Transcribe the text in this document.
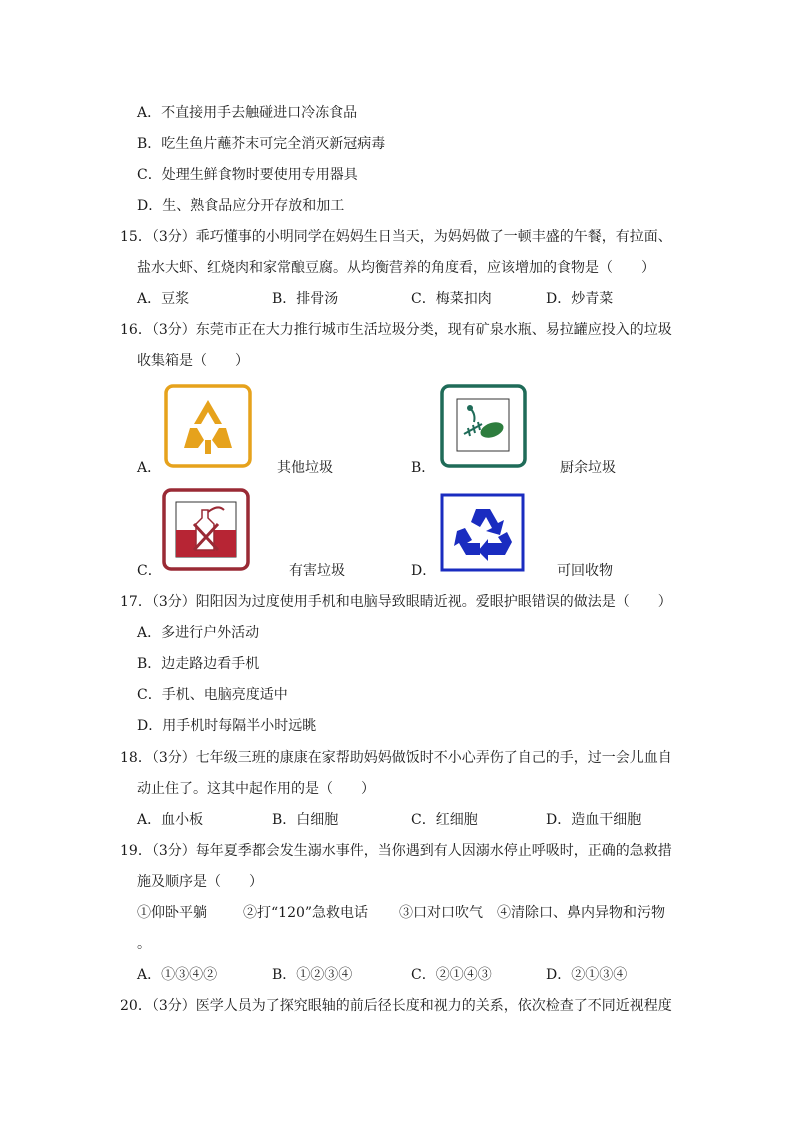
A．不直接用手去触碰进口冷冻食品
B．吃生鱼片蘸芥末可完全消灭新冠病毒
C．处理生鲜食物时要使用专用器具
D．生、熟食品应分开存放和加工
15．（3分）乖巧懂事的小明同学在妈妈生日当天，为妈妈做了一顿丰盛的午餐，有拉面、
盐水大虾、红烧肉和家常酿豆腐。从均衡营养的角度看，应该增加的食物是（　　）
A．豆浆	B．排骨汤	C．梅菜扣肉	D．炒青菜
16．（3分）东莞市正在大力推行城市生活垃圾分类，现有矿泉水瓶、易拉罐应投入的垃圾
收集箱是（　　）
A．	其他垃圾	B．	厨余垃圾
C．	有害垃圾	D．	可回收物
17．（3分）阳阳因为过度使用手机和电脑导致眼睛近视。爱眼护眼错误的做法是（　　）
A．多进行户外活动
B．边走路边看手机
C．手机、电脑亮度适中
D．用手机时每隔半小时远眺
18．（3分）七年级三班的康康在家帮助妈妈做饭时不小心弄伤了自己的手，过一会儿血自
动止住了。这其中起作用的是（　　）
A．血小板	B．白细胞	C．红细胞	D．造血干细胞
19．（3分）每年夏季都会发生溺水事件，当你遇到有人因溺水停止呼吸时，正确的急救措
施及顺序是（　　）
①仰卧平躺	②打“120”急救电话 ③口对口吹气 ④清除口、鼻内异物和污物
。
A．①③④②	B．①②③④	C．②①④③	D．②①③④
20．（3分）医学人员为了探究眼轴的前后径长度和视力的关系，依次检查了不同近视程度
